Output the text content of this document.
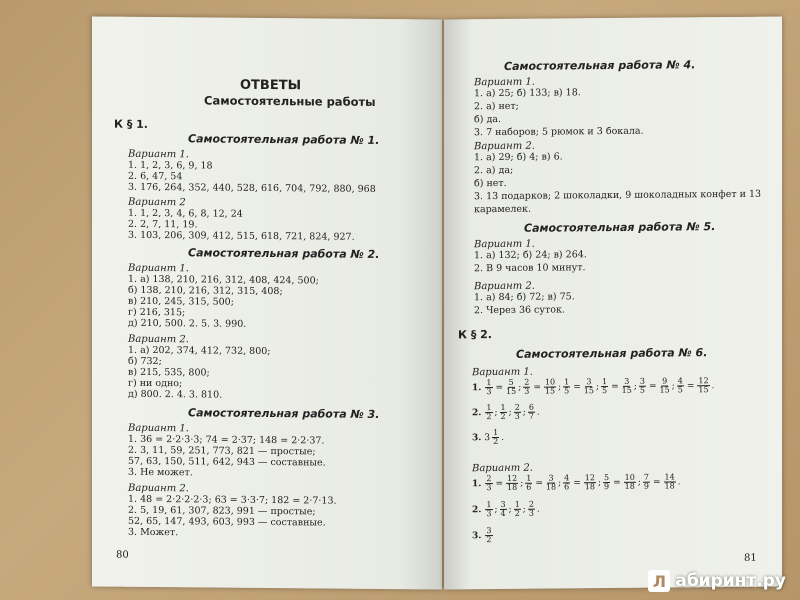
ОТВЕТЫ
Самостоятельные работы
К § 1.
Самостоятельная работа № 1.
Вариант 1.
1. 1, 2, 3, 6, 9, 18
2. 6, 47, 54
3. 176, 264, 352, 440, 528, 616, 704, 792, 880, 968
Вариант 2
1. 1, 2, 3, 4, 6, 8, 12, 24
2. 2, 7, 11, 19.
3. 103, 206, 309, 412, 515, 618, 721, 824, 927.
Самостоятельная работа № 2.
Вариант 1.
1. а) 138, 210, 216, 312, 408, 424, 500;
б) 138, 210, 216, 312, 315, 408;
в) 210, 245, 315, 500;
г) 216, 315;
д) 210, 500. 2. 5. 3. 990.
Вариант 2.
1. а) 202, 374, 412, 732, 800;
б) 732;
в) 215, 535, 800;
г) ни одно;
д) 800. 2. 4. 3. 810.
Самостоятельная работа № 3.
Вариант 1.
1. 36 = 2·2·3·3; 74 = 2·37; 148 = 2·2·37.
2. 3, 11, 59, 251, 773, 821 — простые;
57, 63, 150, 511, 642, 943 — составные.
3. Не может.
Вариант 2.
1. 48 = 2·2·2·2·3; 63 = 3·3·7; 182 = 2·7·13.
2. 5, 19, 61, 307, 823, 991 — простые;
52, 65, 147, 493, 603, 993 — составные.
3. Может.
80
Самостоятельная работа № 4.
Вариант 1.
1. а) 25; б) 133; в) 18.
2. а) нет;
б) да.
3. 7 наборов; 5 рюмок и 3 бокала.
Вариант 2.
1. а) 29; б) 4; в) 6.
2. а) да;
б) нет.
3. 13 подарков; 2 шоколадки, 9 шоколадных конфет и 13
карамелек.
Самостоятельная работа № 5.
Вариант 1.
1. а) 132; б) 24; в) 264.
2. В 9 часов 10 минут.
Вариант 2.
1. а) 84; б) 72; в) 75.
2. Через 36 суток.
К § 2.
Самостоятельная работа № 6.
Вариант 1.
1. $\frac{1}{3} = \frac{5}{15}$ ; $\frac{2}{3} = \frac{10}{15}$ ; $\frac{1}{5} = \frac{3}{15}$ ; $\frac{1}{5} = \frac{3}{15}$ ; $\frac{3}{5} = \frac{9}{15}$ ; $\frac{4}{5} = \frac{12}{15}$ .
2. $\frac{1}{2}$ ; $\frac{1}{2}$ ; $\frac{2}{3}$ ; $\frac{6}{7}$ .
3. $3 \frac{1}{2}$ .
Вариант 2.
1. $\frac{2}{3} = \frac{12}{18}$ ; $\frac{1}{6} = \frac{3}{18}$ ; $\frac{4}{6} = \frac{12}{18}$ ; $\frac{5}{9} = \frac{10}{18}$ ; $\frac{7}{9} = \frac{14}{18}$ .
2. $\frac{1}{3}$ ; $\frac{3}{4}$ ; $\frac{1}{2}$ ; $\frac{2}{3}$ .
3. $\frac{3}{2}$
81
Л абиринт.ру
